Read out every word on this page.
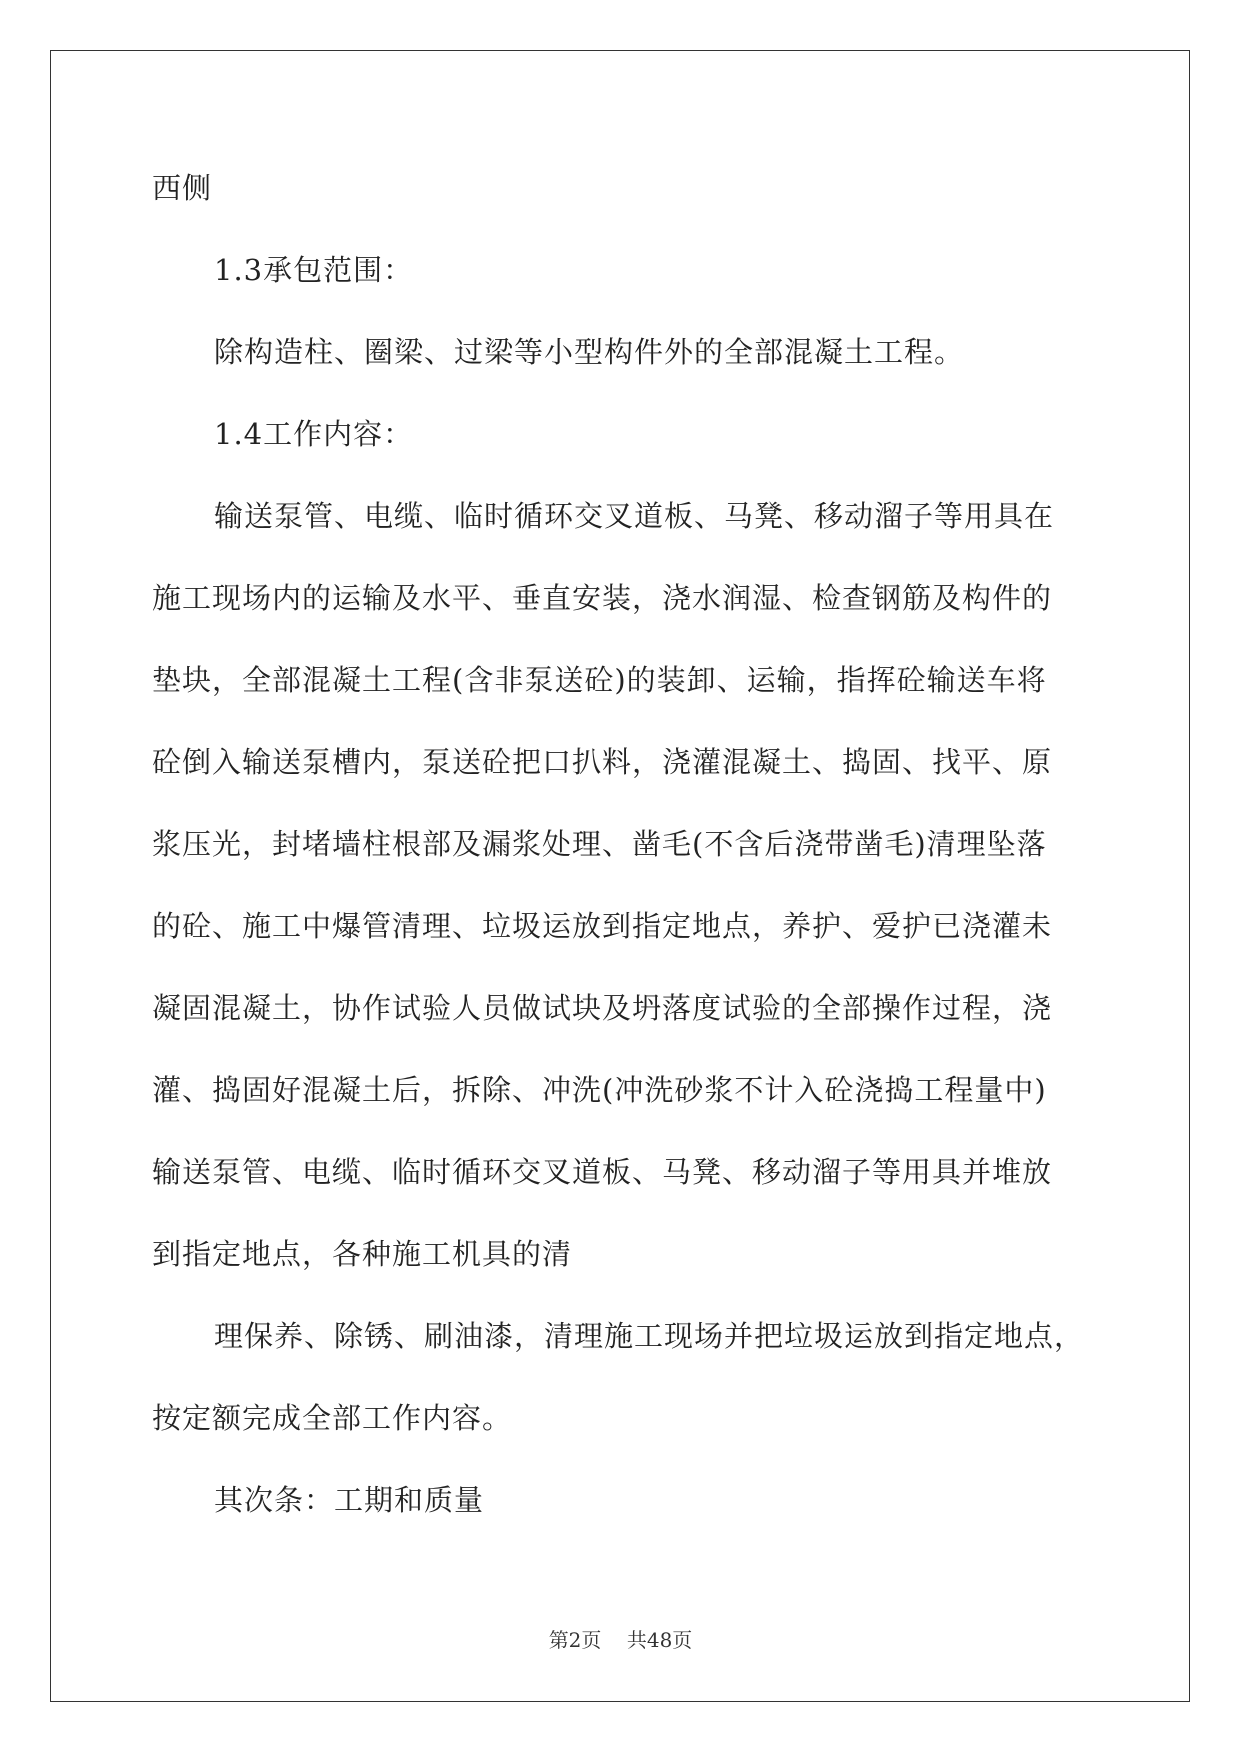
西侧

1.3承包范围：

除构造柱、圈梁、过梁等小型构件外的全部混凝土工程。

1.4工作内容：

输送泵管、电缆、临时循环交叉道板、马凳、移动溜子等用具在

施工现场内的运输及水平、垂直安装，浇水润湿、检查钢筋及构件的

垫块，全部混凝土工程(含非泵送砼)的装卸、运输，指挥砼输送车将

砼倒入输送泵槽内，泵送砼把口扒料，浇灌混凝土、捣固、找平、原

浆压光，封堵墙柱根部及漏浆处理、凿毛(不含后浇带凿毛)清理坠落

的砼、施工中爆管清理、垃圾运放到指定地点，养护、爱护已浇灌未

凝固混凝土，协作试验人员做试块及坍落度试验的全部操作过程，浇

灌、捣固好混凝土后，拆除、冲洗(冲洗砂浆不计入砼浇捣工程量中)

输送泵管、电缆、临时循环交叉道板、马凳、移动溜子等用具并堆放

到指定地点，各种施工机具的清

理保养、除锈、刷油漆，清理施工现场并把垃圾运放到指定地点，

按定额完成全部工作内容。

其次条：工期和质量

第2页 共48页
